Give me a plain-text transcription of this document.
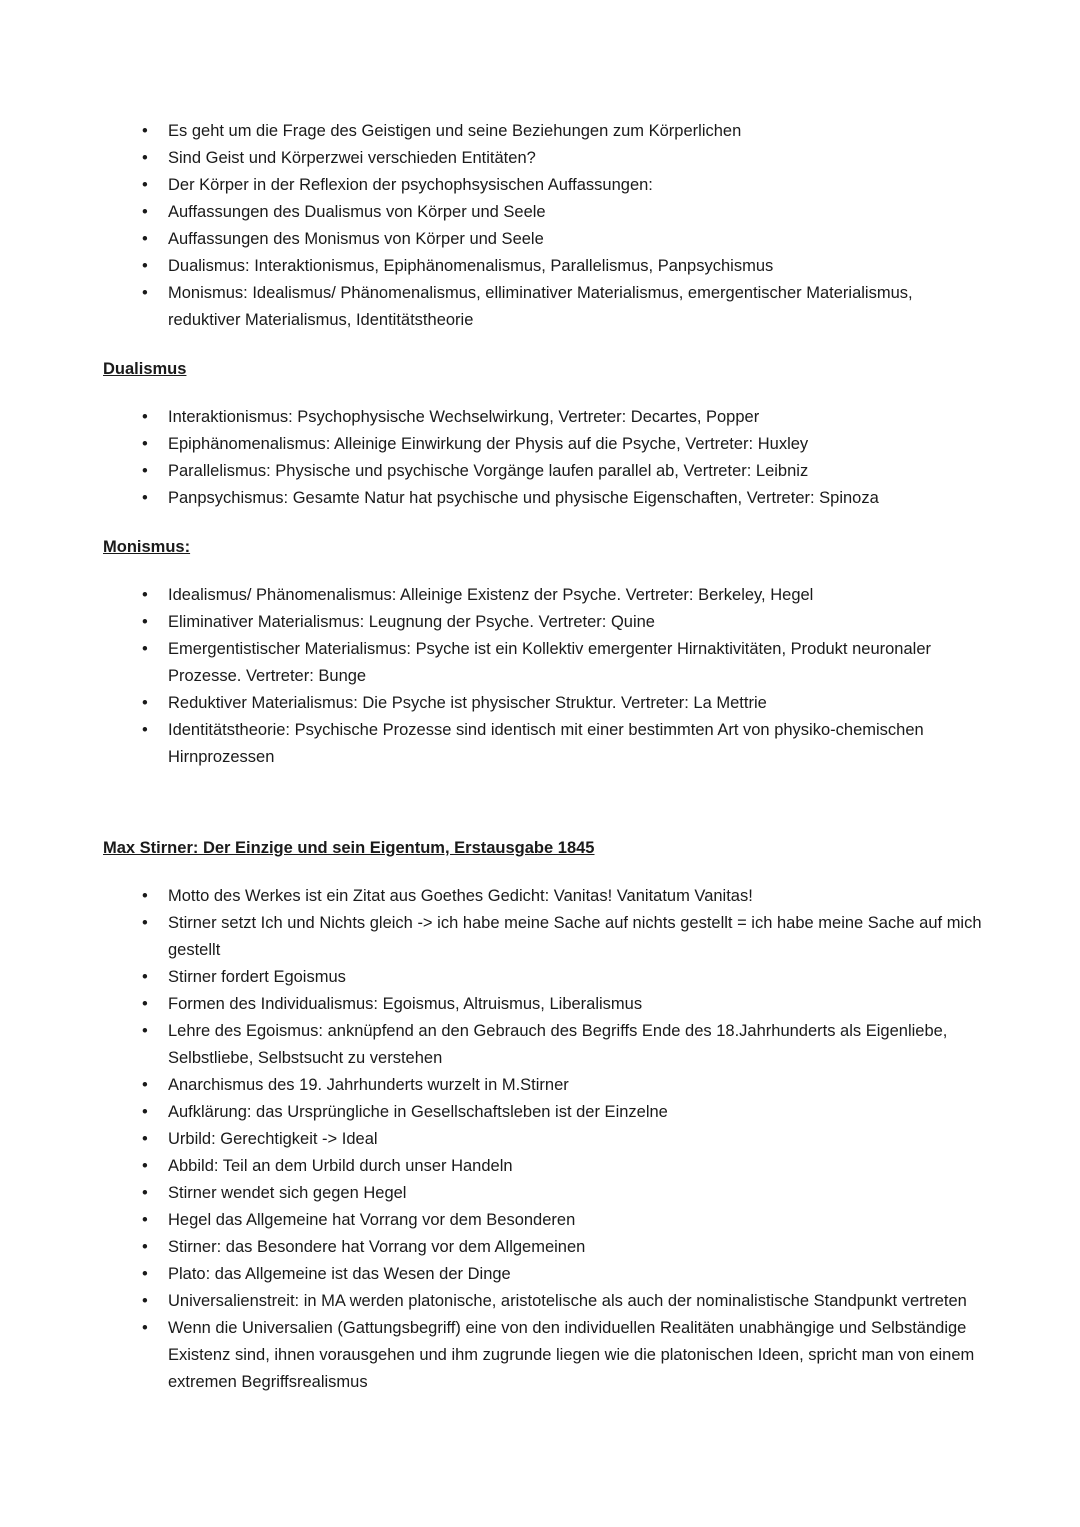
• Es geht um die Frage des Geistigen und seine Beziehungen zum Körperlichen
• Sind Geist und Körperzwei verschieden Entitäten?
• Der Körper in der Reflexion der psychophsysischen Auffassungen:
• Auffassungen des Dualismus von Körper und Seele
• Auffassungen des Monismus von Körper und Seele
• Dualismus: Interaktionismus, Epiphänomenalismus, Parallelismus, Panpsychismus
• Monismus: Idealismus/ Phänomenalismus, elliminativer Materialismus, emergentischer Materialismus, reduktiver Materialismus, Identitätstheorie
Dualismus
• Interaktionismus: Psychophysische Wechselwirkung, Vertreter: Decartes, Popper
• Epiphänomenalismus: Alleinige Einwirkung der Physis auf die Psyche, Vertreter: Huxley
• Parallelismus: Physische und psychische Vorgänge laufen parallel ab, Vertreter: Leibniz
• Panpsychismus: Gesamte Natur hat psychische und physische Eigenschaften, Vertreter: Spinoza
Monismus:
• Idealismus/ Phänomenalismus: Alleinige Existenz der Psyche. Vertreter: Berkeley, Hegel
• Eliminativer Materialismus: Leugnung der Psyche. Vertreter: Quine
• Emergentistischer Materialismus: Psyche ist ein Kollektiv emergenter Hirnaktivitäten, Produkt neuronaler Prozesse. Vertreter: Bunge
• Reduktiver Materialismus: Die Psyche ist physischer Struktur. Vertreter: La Mettrie
• Identitätstheorie: Psychische Prozesse sind identisch mit einer bestimmten Art von physiko-chemischen Hirnprozessen
Max Stirner: Der Einzige und sein Eigentum, Erstausgabe 1845
• Motto des Werkes ist ein Zitat aus Goethes Gedicht: Vanitas! Vanitatum Vanitas!
• Stirner setzt Ich und Nichts gleich -> ich habe meine Sache auf nichts gestellt = ich habe meine Sache auf mich gestellt
• Stirner fordert Egoismus
• Formen des Individualismus: Egoismus, Altruismus, Liberalismus
• Lehre des Egoismus: anknüpfend an den Gebrauch des Begriffs Ende des 18.Jahrhunderts als Eigenliebe, Selbstliebe, Selbstsucht zu verstehen
• Anarchismus des 19. Jahrhunderts wurzelt in M.Stirner
• Aufklärung: das Ursprüngliche in Gesellschaftsleben ist der Einzelne
• Urbild: Gerechtigkeit -> Ideal
• Abbild: Teil an dem Urbild durch unser Handeln
• Stirner wendet sich gegen Hegel
• Hegel das Allgemeine hat Vorrang vor dem Besonderen
• Stirner: das Besondere hat Vorrang vor dem Allgemeinen
• Plato: das Allgemeine ist das Wesen der Dinge
• Universalienstreit: in MA werden platonische, aristotelische als auch der nominalistische Standpunkt vertreten
• Wenn die Universalien (Gattungsbegriff) eine von den individuellen Realitäten unabhängige und Selbständige Existenz sind, ihnen vorausgehen und ihm zugrunde liegen wie die platonischen Ideen, spricht man von einem extremen Begriffsrealismus
